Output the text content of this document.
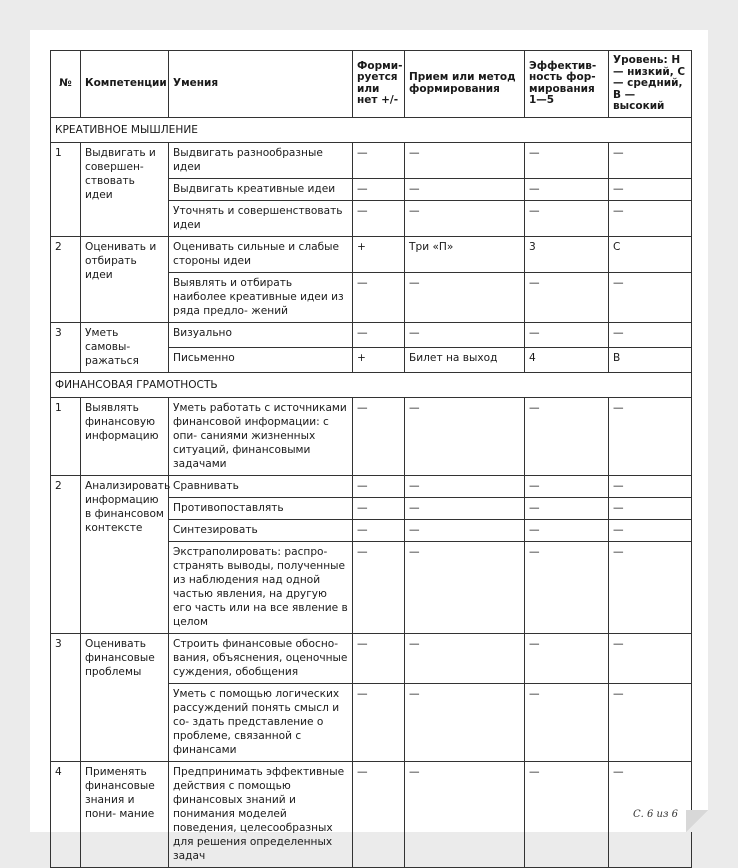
№	Компетенции	Умения	Форми- руется или нет +/-	Прием или метод формирования	Эффектив- ность фор- мирования 1—5	Уровень: Н — низкий, С — средний, В — высокий
КРЕАТИВНОЕ МЫШЛЕНИЕ						
1	Выдвигать и совершен- ствовать идеи	Выдвигать разнообразные идеи	—	—	—	—
		Выдвигать креативные идеи	—	—	—	—
		Уточнять и совершенствовать идеи	—	—	—	—
2	Оценивать и отбирать идеи	Оценивать сильные и слабые стороны идеи	+	Три «П»	3	С
		Выявлять и отбирать наиболее креативные идеи из ряда предло- жений	—	—	—	—
3	Уметь самовы- ражаться	Визуально	—	—	—	—
		Письменно	+	Билет на выход	4	В
ФИНАНСОВАЯ ГРАМОТНОСТЬ						
1	Выявлять финансовую информацию	Уметь работать с источниками финансовой информации: с опи- саниями жизненных ситуаций, финансовыми задачами	—	—	—	—
2	Анализировать информацию в финансовом контексте	Сравнивать	—	—	—	—
		Противопоставлять	—	—	—	—
		Синтезировать	—	—	—	—
		Экстраполировать: распро- странять выводы, полученные из наблюдения над одной частью явления, на другую его часть или на все явление в целом	—	—	—	—
3	Оценивать финансовые проблемы	Строить финансовые обосно- вания, объяснения, оценочные суждения, обобщения	—	—	—	—
		Уметь с помощью логических рассуждений понять смысл и со- здать представление о проблеме, связанной с финансами	—	—	—	—
4	Применять финансовые знания и пони- мание	Предпринимать эффективные действия с помощью финансовых знаний и понимания моделей поведения, целесообразных для решения определенных задач	—	—	—	—
С. 6 из 6
